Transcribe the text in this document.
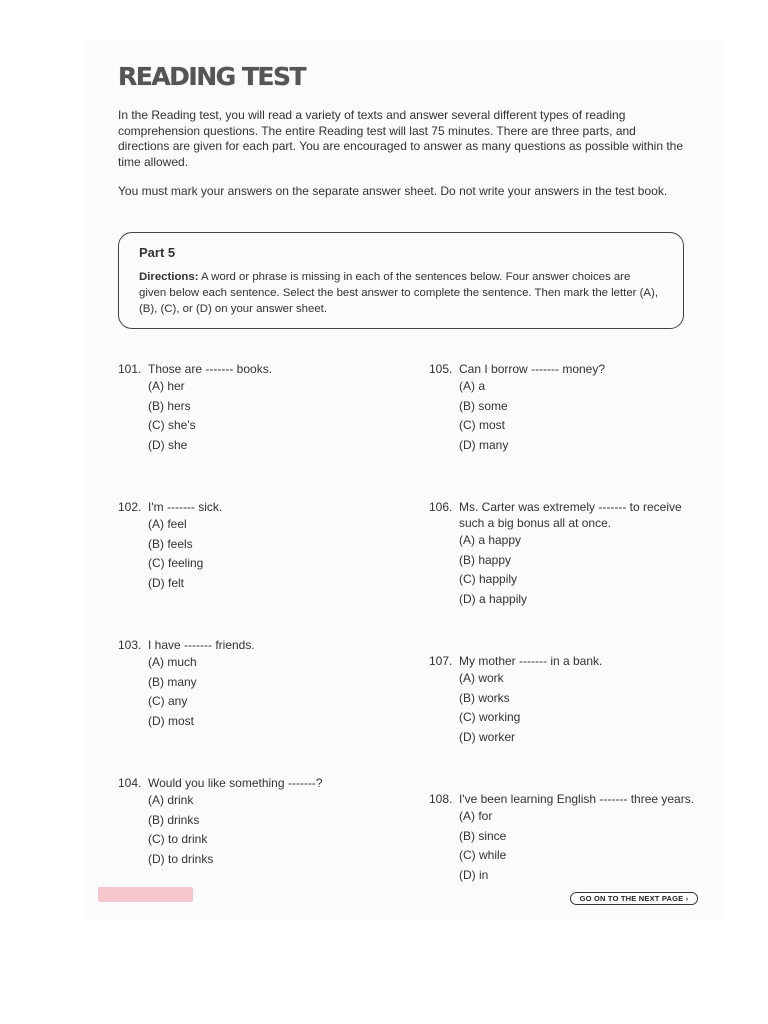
READING TEST
In the Reading test, you will read a variety of texts and answer several different types of reading comprehension questions. The entire Reading test will last 75 minutes. There are three parts, and directions are given for each part. You are encouraged to answer as many questions as possible within the time allowed.
You must mark your answers on the separate answer sheet. Do not write your answers in the test book.
Part 5
Directions: A word or phrase is missing in each of the sentences below. Four answer choices are given below each sentence. Select the best answer to complete the sentence. Then mark the letter (A), (B), (C), or (D) on your answer sheet.
101. Those are ------- books.
(A) her
(B) hers
(C) she's
(D) she
102. I'm ------- sick.
(A) feel
(B) feels
(C) feeling
(D) felt
103. I have ------- friends.
(A) much
(B) many
(C) any
(D) most
104. Would you like something -------?
(A) drink
(B) drinks
(C) to drink
(D) to drinks
105. Can I borrow ------- money?
(A) a
(B) some
(C) most
(D) many
106. Ms. Carter was extremely ------- to receive such a big bonus all at once.
(A) a happy
(B) happy
(C) happily
(D) a happily
107. My mother ------- in a bank.
(A) work
(B) works
(C) working
(D) worker
108. I've been learning English ------- three years.
(A) for
(B) since
(C) while
(D) in
GO ON TO THE NEXT PAGE ›
